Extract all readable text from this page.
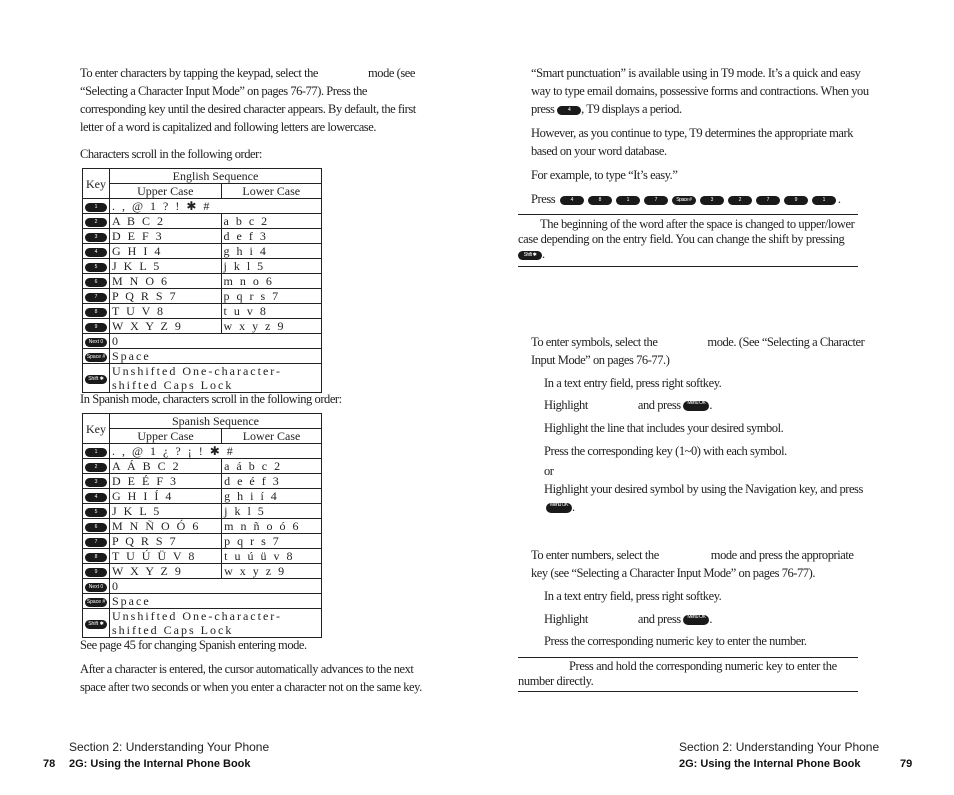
To enter characters by tapping the keypad, select the	mode (see

“Selecting a Character Input Mode” on pages 76-77). Press the

corresponding key until the desired character appears. By default, the first

letter of a word is capitalized and following letters are lowercase.

Characters scroll in the following order:

Key	English Sequence	
	Upper Case	Lower Case
1	. , @ 1 ? ! ✱ #	
2	A B C 2	a b c 2
3	D E F 3	d e f 3
4	G H I 4	g h i 4
5	J K L 5	j k l 5
6	M N O 6	m n o 6
7	P Q R S 7	p q r s 7
8	T U V 8	t u v 8
9	W X Y Z 9	w x y z 9
Next 0	0	
Space #	Space	
Shift ✱	Unshifted One-character-shifted Caps Lock	

In Spanish mode, characters scroll in the following order:

Key	Spanish Sequence	
	Upper Case	Lower Case
1	. , @ 1 ¿ ? ¡ ! ✱ #	
2	A Á B C 2	a á b c 2
3	D E É F 3	d e é f 3
4	G H I Í 4	g h i í 4
5	J K L 5	j k l 5
6	M N Ñ O Ó 6	m n ñ o ó 6
7	P Q R S 7	p q r s 7
8	T U Ú Ü V 8	t u ú ü v 8
9	W X Y Z 9	w x y z 9
Next 0	0	
Space #	Space	
Shift ✱	Unshifted One-character-shifted Caps Lock	

See page 45 for changing Spanish entering mode.

After a character is entered, the cursor automatically advances to the next

space after two seconds or when you enter a character not on the same key.

“Smart punctuation” is available using in T9 mode. It’s a quick and easy

way to type email domains, possessive forms and contractions. When you

press	4 , T9 displays a period.

However, as you continue to type, T9 determines the appropriate mark

based on your word database.

For example, to type “It’s easy.”

Press	4	8	1	7	Space #	3	2	7	9	1 .

The beginning of the word after the space is changed to upper/lower
case depending on the entry field. You can change the shift by pressing
Shift ✱ .

To enter symbols, select the	mode. (See “Selecting a Character

Input Mode” on pages 76-77.)

In a text entry field, press right softkey.

Highlight	and press Menu OK .

Highlight the line that includes your desired symbol.

Press the corresponding key (1~0) with each symbol.

or

Highlight your desired symbol by using the Navigation key, and press

Menu OK .

To enter numbers, select the	mode and press the appropriate

key (see “Selecting a Character Input Mode” on pages 76-77).

In a text entry field, press right softkey.

Highlight	and press Menu OK .

Press the corresponding numeric key to enter the number.

Press and hold the corresponding numeric key to enter the
number directly.
Section 2: Understanding Your Phone
78 2G: Using the Internal Phone Book
Section 2: Understanding Your Phone
2G: Using the Internal Phone Book	79
